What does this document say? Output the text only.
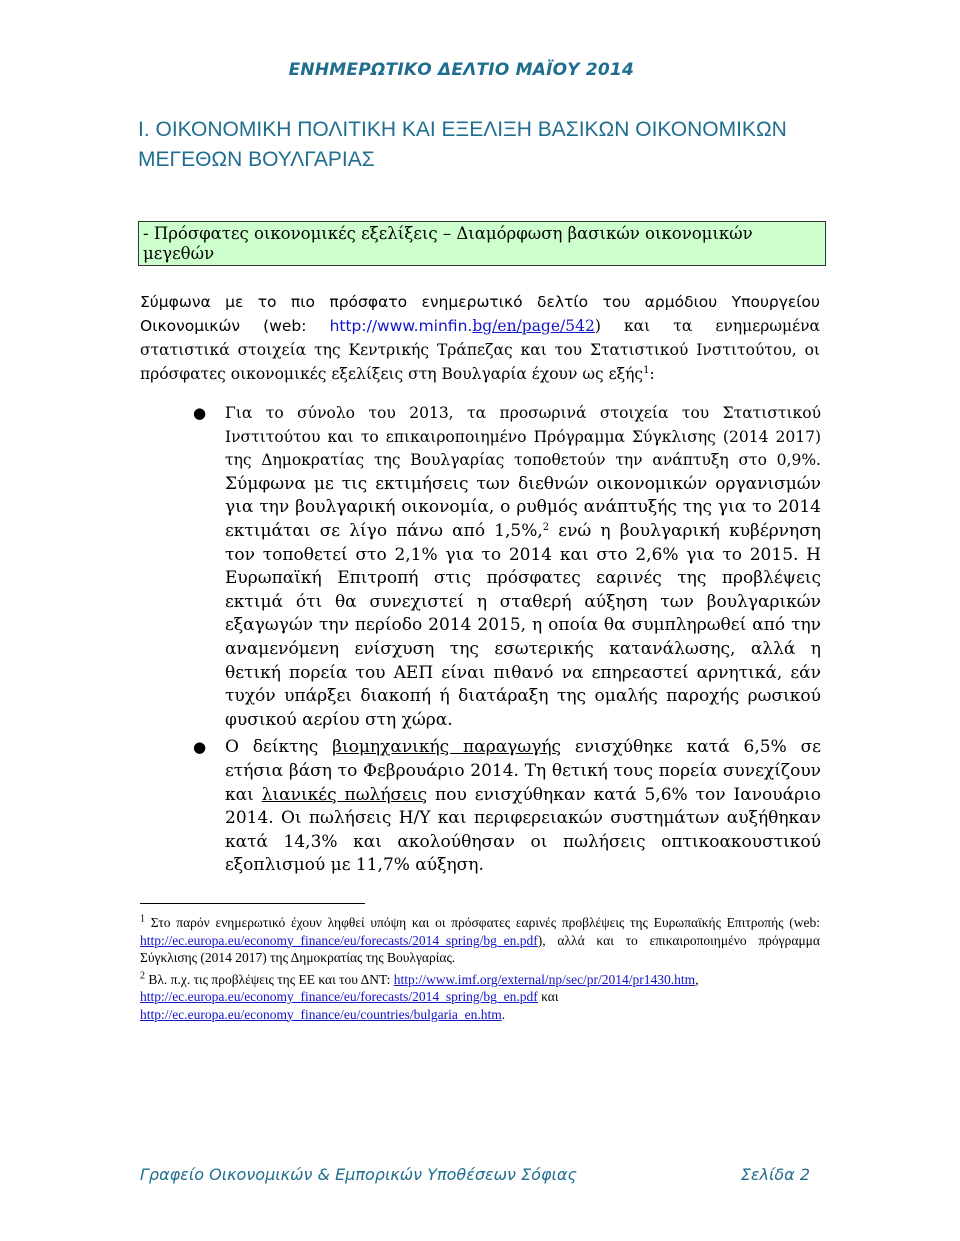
ΕΝΗΜΕΡΩΤΙΚΟ ΔΕΛΤΙΟ ΜΑΪΟΥ 2014
Ι. ΟΙΚΟΝΟΜΙΚΗ ΠΟΛΙΤΙΚΗ ΚΑΙ ΕΞΕΛΙΞΗ ΒΑΣΙΚΩΝ ΟΙΚΟΝΟΜΙΚΩΝ ΜΕΓΕΘΩΝ ΒΟΥΛΓΑΡΙΑΣ
- Πρόσφατες οικονομικές εξελίξεις – Διαμόρφωση βασικών οικονομικών μεγεθών
Σύμφωνα με το πιο πρόσφατο ενημερωτικό δελτίο του αρμόδιου Υπουργείου Οικονομικών (web: http://www.minfin.bg/en/page/542) και τα ενημερωμένα στατιστικά στοιχεία της Κεντρικής Τράπεζας και του Στατιστικού Ινστιτούτου, οι πρόσφατες οικονομικές εξελίξεις στη Βουλγαρία έχουν ως εξής$^1$:
● Για το σύνολο του 2013, τα προσωρινά στοιχεία του Στατιστικού Ινστιτούτου και το επικαιροποιημένο Πρόγραμμα Σύγκλισης (2014 2017) της Δημοκρατίας της Βουλγαρίας τοποθετούν την ανάπτυξη στο 0,9%. Σύμφωνα με τις εκτιμήσεις των διεθνών οικονομικών οργανισμών για την βουλγαρική οικονομία, ο ρυθμός ανάπτυξής της για το 2014 εκτιμάται σε λίγο πάνω από 1,5%,$^2$ ενώ η βουλγαρική κυβέρνηση τον τοποθετεί στο 2,1% για το 2014 και στο 2,6% για το 2015. Η Ευρωπαϊκή Επιτροπή στις πρόσφατες εαρινές της προβλέψεις εκτιμά ότι θα συνεχιστεί η σταθερή αύξηση των βουλγαρικών εξαγωγών την περίοδο 2014 2015, η οποία θα συμπληρωθεί από την αναμενόμενη ενίσχυση της εσωτερικής κατανάλωσης, αλλά η θετική πορεία του ΑΕΠ είναι πιθανό να επηρεαστεί αρνητικά, εάν τυχόν υπάρξει διακοπή ή διατάραξη της ομαλής παροχής ρωσικού φυσικού αερίου στη χώρα.
● Ο δείκτης βιομηχανικής παραγωγής ενισχύθηκε κατά 6,5% σε ετήσια βάση το Φεβρουάριο 2014. Τη θετική τους πορεία συνεχίζουν και λιανικές πωλήσεις που ενισχύθηκαν κατά 5,6% τον Ιανουάριο 2014. Οι πωλήσεις Η/Υ και περιφερειακών συστημάτων αυξήθηκαν κατά 14,3% και ακολούθησαν οι πωλήσεις οπτικοακουστικού εξοπλισμού με 11,7% αύξηση.

$^1$ Στο παρόν ενημερωτικό έχουν ληφθεί υπόψη και οι πρόσφατες εαρινές προβλέψεις της Ευρωπαϊκής Επιτροπής (web: http://ec.europa.eu/economy_finance/eu/forecasts/2014_spring/bg_en.pdf), αλλά και το επικαιροποιημένο πρόγραμμα Σύγκλισης (2014 2017) της Δημοκρατίας της Βουλγαρίας.

$^2$ Βλ. π.χ. τις προβλέψεις της ΕΕ και του ΔΝΤ: http://www.imf.org/external/np/sec/pr/2014/pr1430.htm,
http://ec.europa.eu/economy_finance/eu/forecasts/2014_spring/bg_en.pdf και
http://ec.europa.eu/economy_finance/eu/countries/bulgaria_en.htm.

Γραφείο Οικονομικών & Εμπορικών Υποθέσεων Σόφιας	Σελίδα 2
